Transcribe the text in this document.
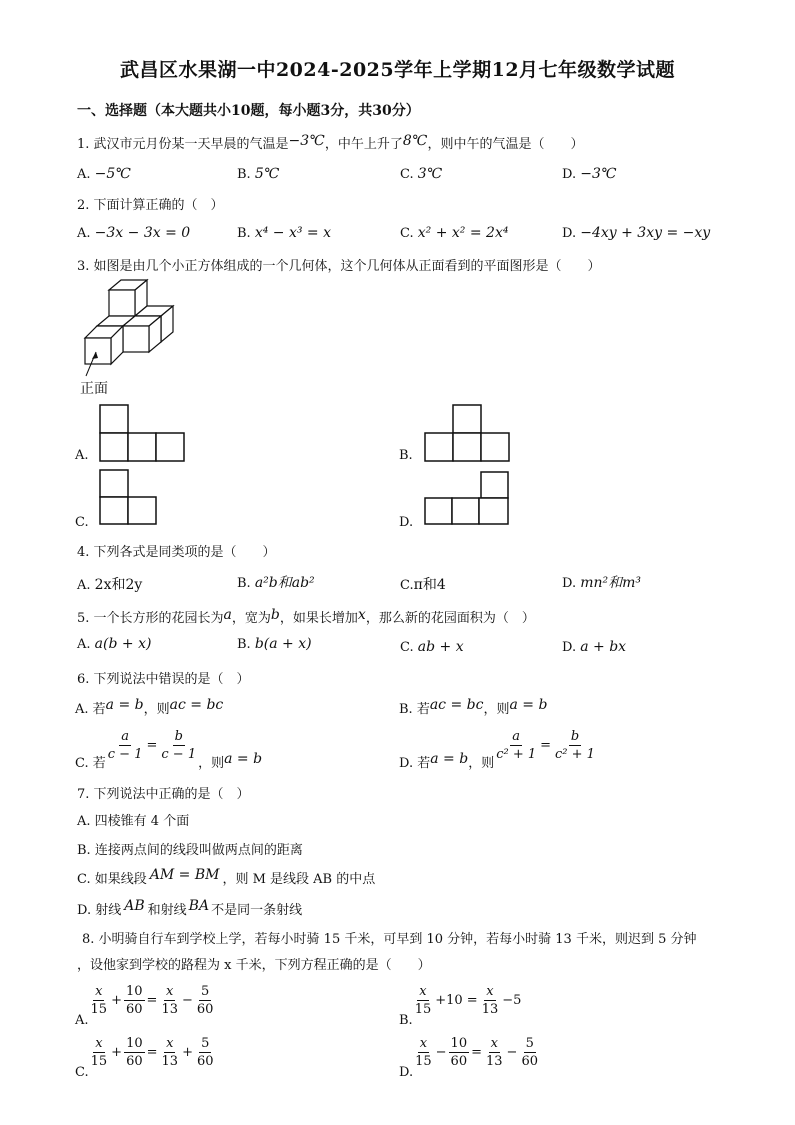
武昌区水果湖一中2024-2025学年上学期12月七年级数学试题
一、选择题（本大题共小10题，每小题3分，共30分）
1. 武汉市元月份某一天早晨的气温是−3℃，中午上升了8℃，则中午的气温是（　　）
A. −5℃	B. 5℃	C. 3℃	D. −3℃
2. 下面计算正确的（　）
A. −3x − 3x = 0	B. x⁴ − x³ = x	C. x² + x² = 2x⁴	D. −4xy + 3xy = −xy
3. 如图是由几个小正方体组成的一个几何体，这个几何体从正面看到的平面图形是（　　）
正面
A.	B.
C.	D.
4. 下列各式是同类项的是（　　）
A. 2x和2y	B. a²b和ab²	C.π和4	D. mn²和m³
5. 一个长方形的花园长为a，宽为b，如果长增加x，那么新的花园面积为（　）
A. a(b + x)	B. b(a + x)	C. ab + x	D. a + bx
6. 下列说法中错误的是（　）
A. 若a = b，则ac = bc	B. 若ac = bc，则a = b
C. 若
$\frac{a}{c - 1} = \frac{b}{c - 1}$
，则a = b	D. 若a = b，则
$\frac{a}{\text{c² + 1}} = \frac{b}{\text{c² + 1}}$
7. 下列说法中正确的是（　）
A. 四棱锥有 4 个面
B. 连接两点间的线段叫做两点间的距离
C. 如果线段 AM = BM ，则 M 是线段 AB 的中点
D. 射线 AB 和射线 BA 不是同一条射线
8. 小明骑自行车到学校上学，若每小时骑 15 千米，可早到 10 分钟，若每小时骑 13 千米，则迟到 5 分钟
，设他家到学校的路程为 x 千米，下列方程正确的是（　　）
A.
$\frac{x}{15} + \frac{10}{60} = \frac{x}{13} - \frac{5}{60}$
B.
$\frac{x}{15} +10 = \frac{x}{13} -5$
C.
$\frac{x}{15} + \frac{10}{60} = \frac{x}{13} + \frac{5}{60}$
D.
$\frac{x}{15} - \frac{10}{60} = \frac{x}{13} - \frac{5}{60}$
